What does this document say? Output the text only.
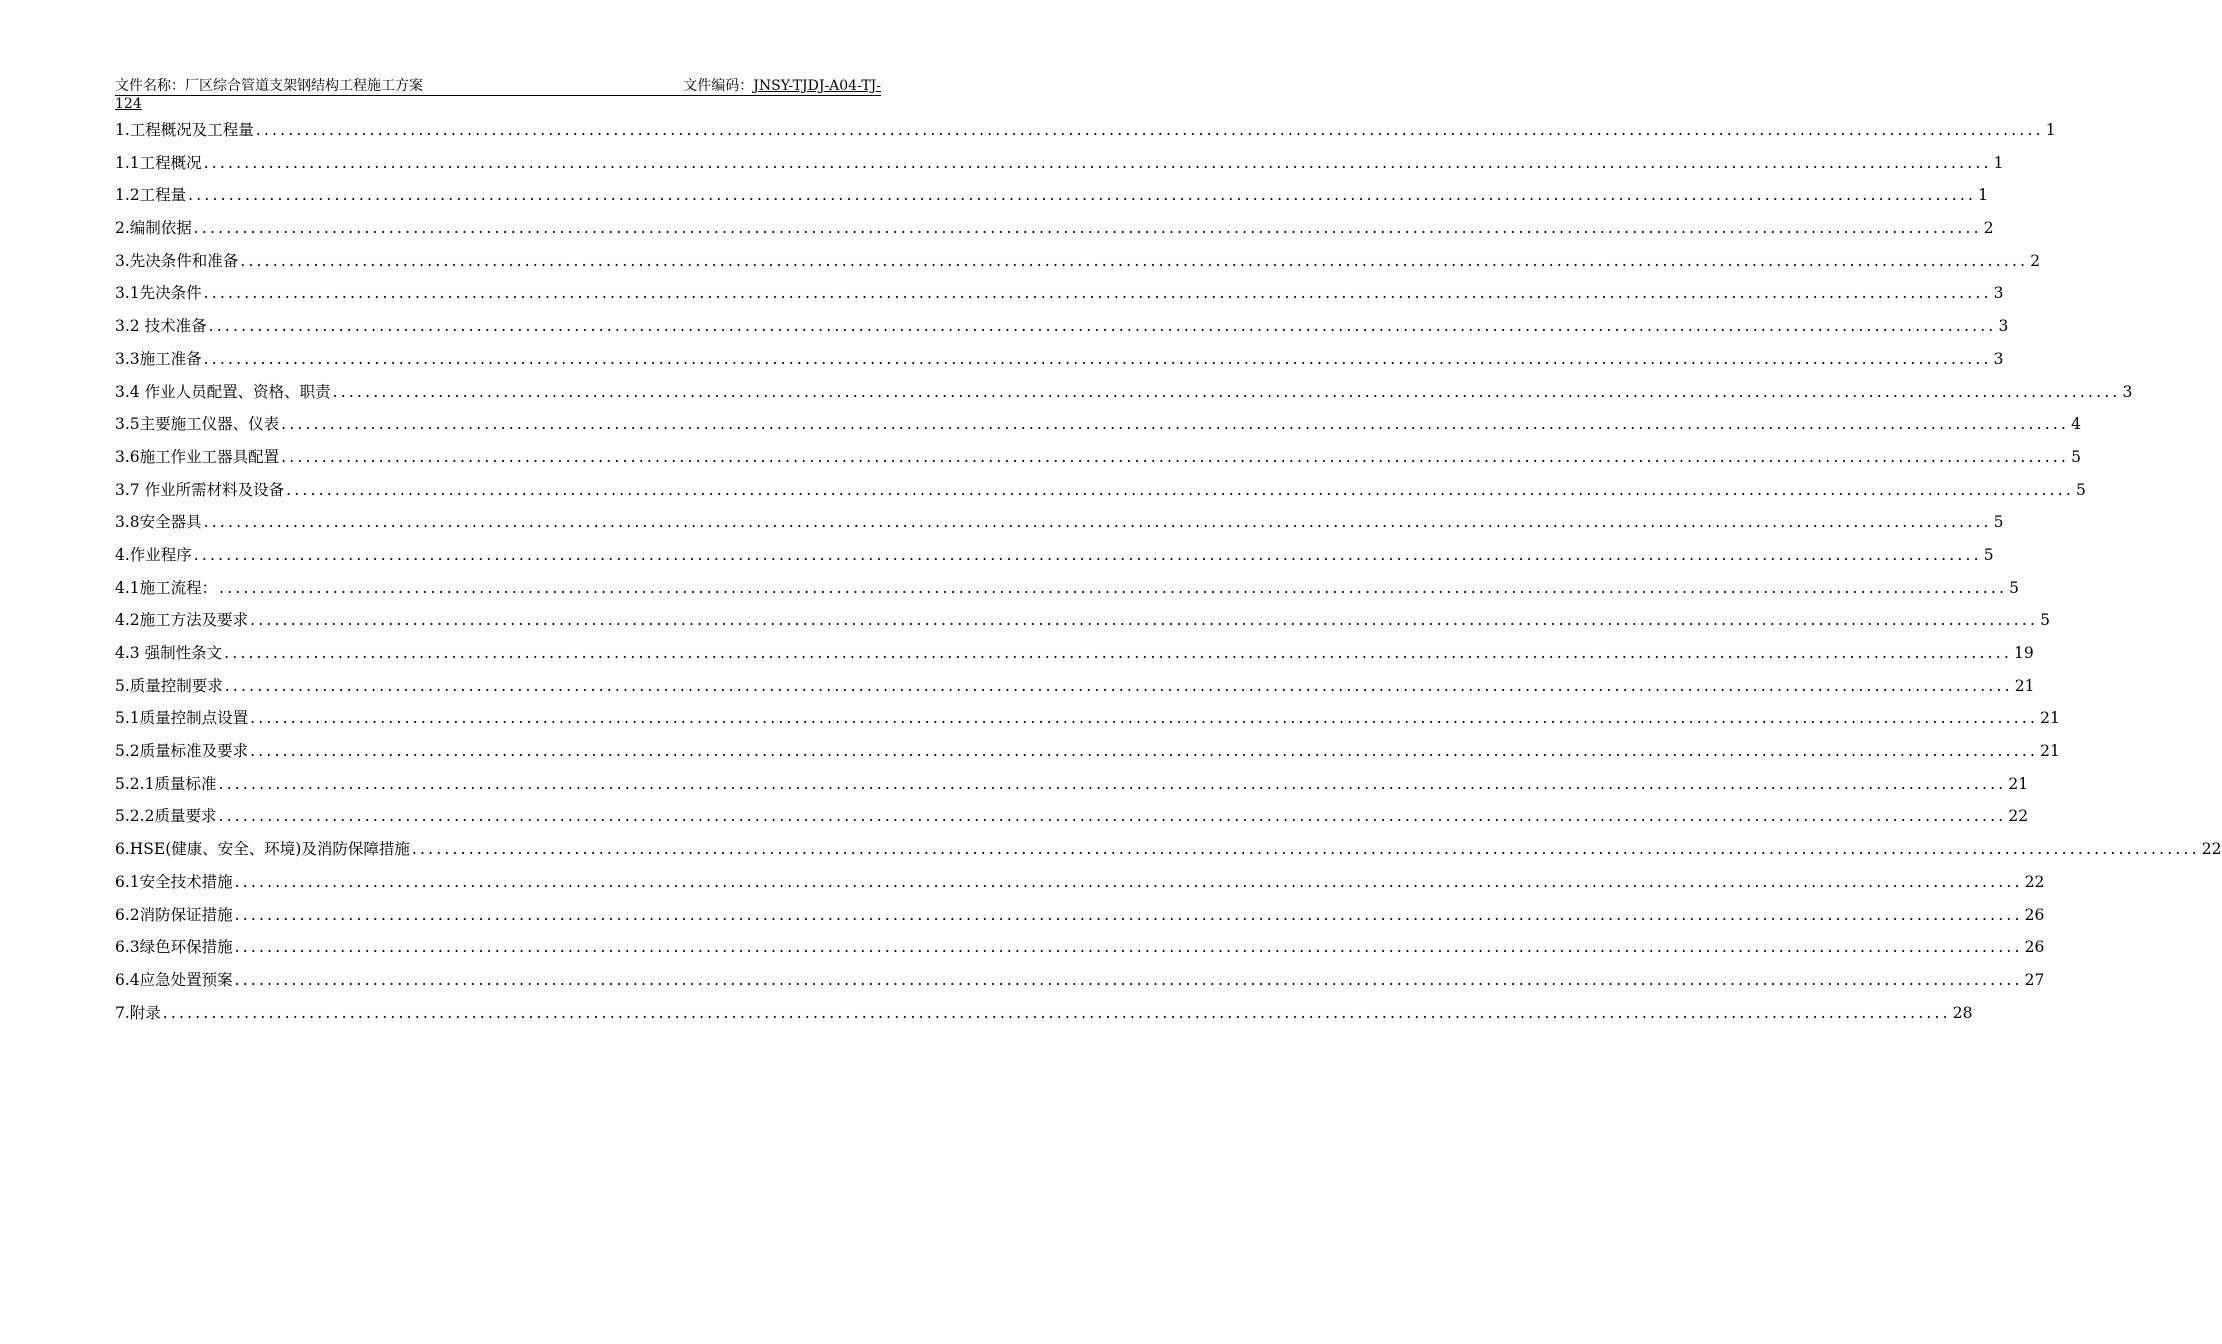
文件名称：厂区综合管道支架钢结构工程施工方案	文件编码：JNSY-TJDJ-A04-TJ-
124
1.工程概况及工程量 ............................................................................................................................................................................................................................ 1
1.1工程概况 ............................................................................................................................................................................................................................ 1
1.2工程量 ............................................................................................................................................................................................................................ 1
2.编制依据 ............................................................................................................................................................................................................................ 2
3.先决条件和准备 ............................................................................................................................................................................................................................ 2
3.1先决条件 ............................................................................................................................................................................................................................ 3
3.2 技术准备 ............................................................................................................................................................................................................................ 3
3.3施工准备 ............................................................................................................................................................................................................................ 3
3.4 作业人员配置、资格、职责 ............................................................................................................................................................................................................................ 3
3.5主要施工仪器、仪表 ............................................................................................................................................................................................................................ 4
3.6施工作业工器具配置 ............................................................................................................................................................................................................................ 5
3.7 作业所需材料及设备 ............................................................................................................................................................................................................................ 5
3.8安全器具 ............................................................................................................................................................................................................................ 5
4.作业程序 ............................................................................................................................................................................................................................ 5
4.1施工流程： ............................................................................................................................................................................................................................ 5
4.2施工方法及要求 ............................................................................................................................................................................................................................ 5
4.3 强制性条文 ............................................................................................................................................................................................................................ 19
5.质量控制要求 ............................................................................................................................................................................................................................ 21
5.1质量控制点设置 ............................................................................................................................................................................................................................ 21
5.2质量标准及要求 ............................................................................................................................................................................................................................ 21
5.2.1质量标准 ............................................................................................................................................................................................................................ 21
5.2.2质量要求 ............................................................................................................................................................................................................................ 22
6.HSE(健康、安全、环境)及消防保障措施 ............................................................................................................................................................................................................................ 22
6.1安全技术措施 ............................................................................................................................................................................................................................ 22
6.2消防保证措施 ............................................................................................................................................................................................................................ 26
6.3绿色环保措施 ............................................................................................................................................................................................................................ 26
6.4应急处置预案 ............................................................................................................................................................................................................................ 27
7.附录 ............................................................................................................................................................................................................................ 28
